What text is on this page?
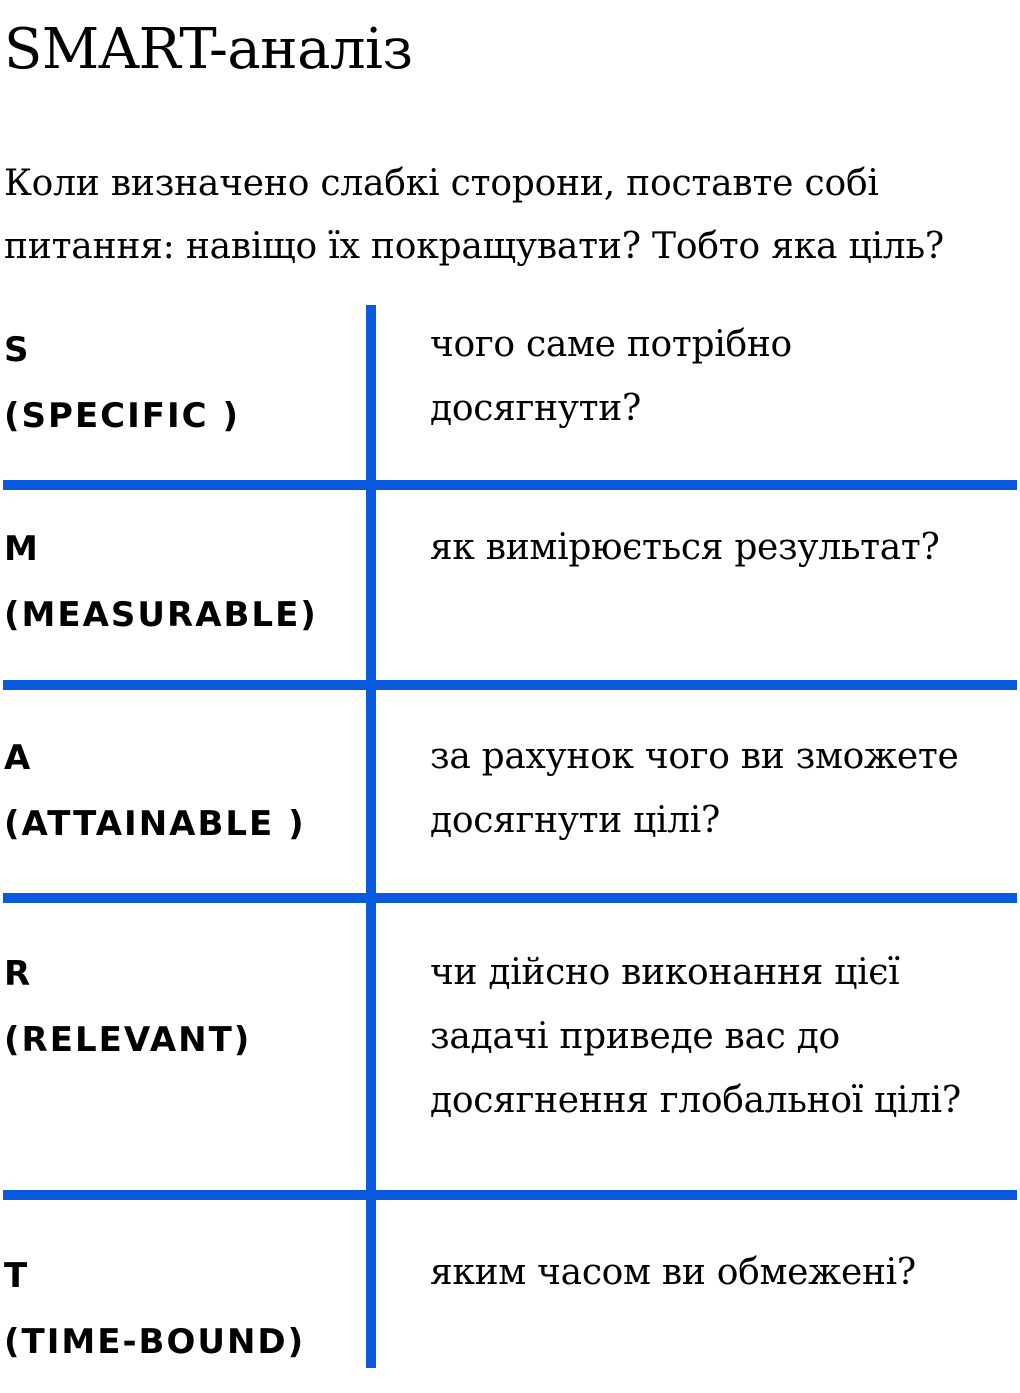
SMART-аналіз

Коли визначено слабкі сторони, поставте собі
питання: навіщо їх покращувати? Тобто яка ціль?

S
(SPECIFIC )
чого саме потрібно
досягнути?
M
(MEASURABLE)
як вимірюється результат?
A
(ATTAINABLE )
за рахунок чого ви зможете
досягнути цілі?
R
(RELEVANT)
чи дійсно виконання цієї
задачі приведе вас до
досягнення глобальної цілі?
T
(TIME-BOUND)
яким часом ви обмежені?
